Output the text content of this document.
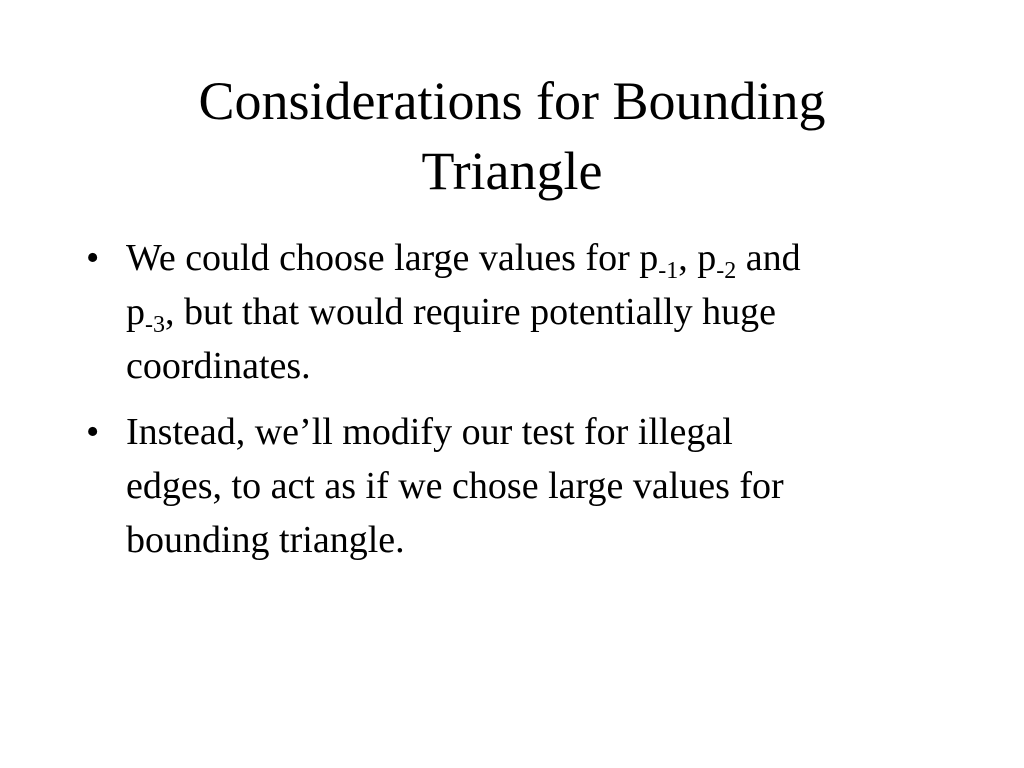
Considerations for Bounding
Triangle
• We could choose large values for $p_{-1}$, $p_{-2}$ and
$p_{-3}$, but that would require potentially huge
coordinates.
• Instead, we’ll modify our test for illegal
edges, to act as if we chose large values for
bounding triangle.
